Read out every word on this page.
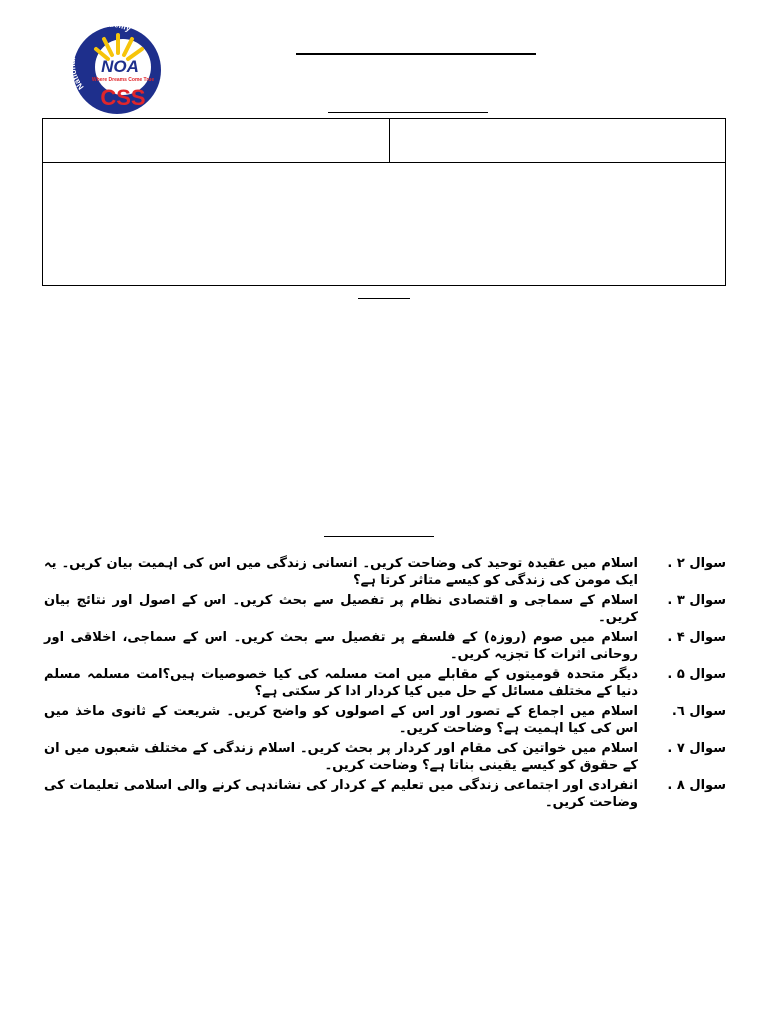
National Officers Ac my
NOA
Where Dreams Come True
CSS
سوال ۲ .
اسلام میں عقیدہ توحید کی وضاحت کریں۔ انسانی زندگی میں اس کی اہمیت بیان کریں۔ یہ ایک مومن کی زندگی کو کیسے متاثر کرتا ہے؟
سوال ۳ .
اسلام کے سماجی و اقتصادی نظام پر تفصیل سے بحث کریں۔ اس کے اصول اور نتائج بیان کریں۔
سوال ۴ .
اسلام میں صوم (روزہ) کے فلسفے پر تفصیل سے بحث کریں۔ اس کے سماجی، اخلاقی اور روحانی اثرات کا تجزیہ کریں۔
سوال ۵ .
دیگر متحدہ قومیتوں کے مقابلے میں امت مسلمہ کی کیا خصوصیات ہیں؟امت مسلمہ مسلم دنیا کے مختلف مسائل کے حل میں کیا کردار ادا کر سکتی ہے؟
سوال ٦.
اسلام میں اجماع کے تصور اور اس کے اصولوں کو واضح کریں۔ شریعت کے ثانوی ماخذ میں اس کی کیا اہمیت ہے؟ وضاحت کریں۔
سوال ۷ .
اسلام میں خواتین کی مقام اور کردار پر بحث کریں۔ اسلام زندگی کے مختلف شعبوں میں ان کے حقوق کو کیسے یقینی بناتا ہے؟ وضاحت کریں۔
سوال ۸ .
انفرادی اور اجتماعی زندگی میں تعلیم کے کردار کی نشاندہی کرنے والی اسلامی تعلیمات کی وضاحت کریں۔
